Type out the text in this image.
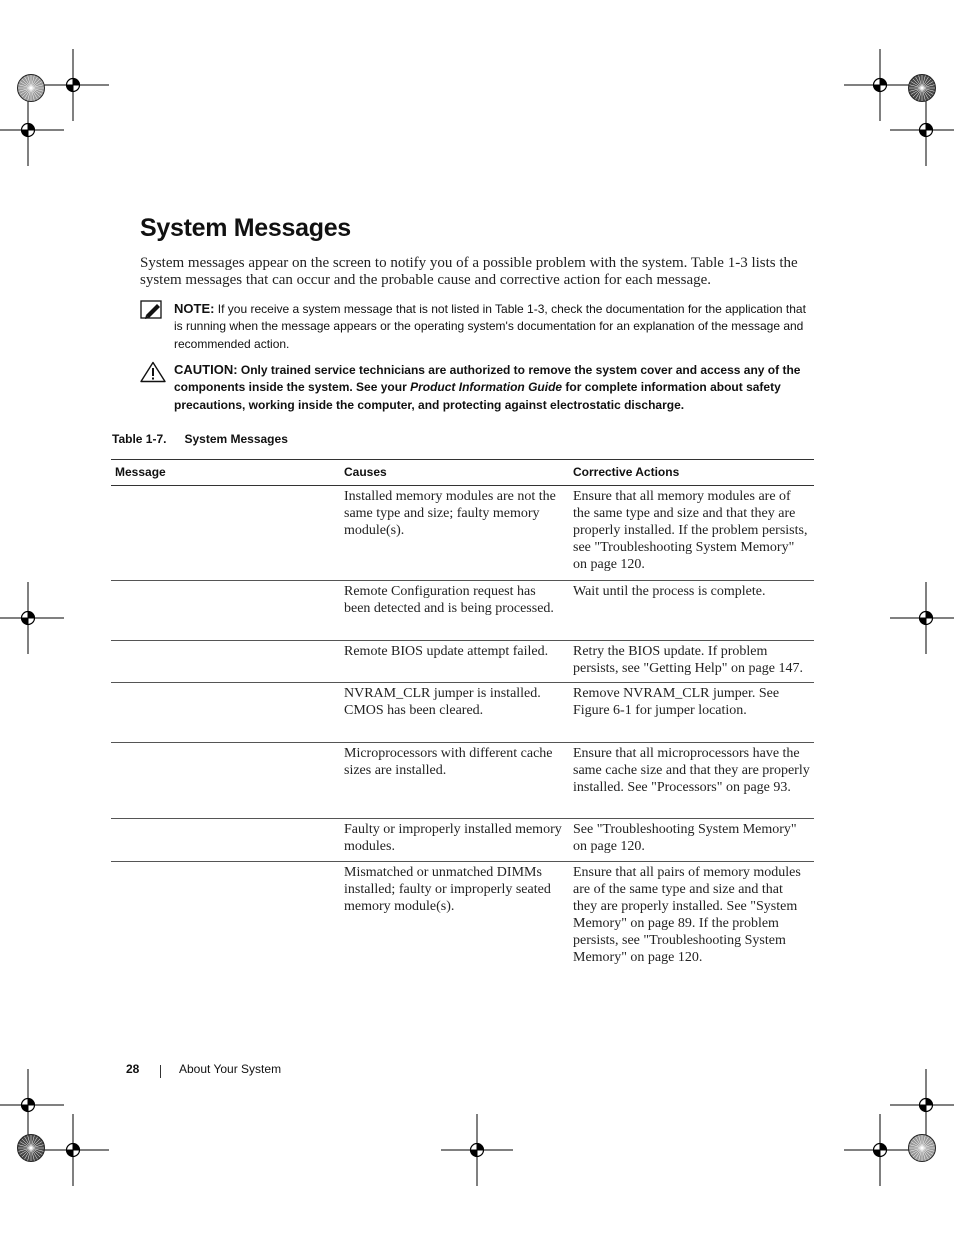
System Messages

System messages appear on the screen to notify you of a possible problem with the system. Table 1-3 lists the system messages that can occur and the probable cause and corrective action for each message.

NOTE: If you receive a system message that is not listed in Table 1-3, check the documentation for the application that is running when the message appears or the operating system's documentation for an explanation of the message and recommended action.
CAUTION: Only trained service technicians are authorized to remove the system cover and access any of the components inside the system. See your Product Information Guide for complete information about safety precautions, working inside the computer, and protecting against electrostatic discharge.

Table 1-7. System Messages

Message	Causes	Corrective Actions
	Installed memory modules are not the same type and size; faulty memory module(s).	Ensure that all memory modules are of the same type and size and that they are properly installed. If the problem persists, see "Troubleshooting System Memory" on page 120.
	Remote Configuration request has been detected and is being processed.	Wait until the process is complete.
	Remote BIOS update attempt failed.	Retry the BIOS update. If problem persists, see "Getting Help" on page 147.
	NVRAM_CLR jumper is installed. CMOS has been cleared.	Remove NVRAM_CLR jumper. See Figure 6-1 for jumper location.
	Microprocessors with different cache sizes are installed.	Ensure that all microprocessors have the same cache size and that they are properly installed. See "Processors" on page 93.
	Faulty or improperly installed memory modules.	See "Troubleshooting System Memory" on page 120.
	Mismatched or unmatched DIMMs installed; faulty or improperly seated memory module(s).	Ensure that all pairs of memory modules are of the same type and size and that they are properly installed. See "System Memory" on page 89. If the problem persists, see "Troubleshooting System Memory" on page 120.
28	About Your System
